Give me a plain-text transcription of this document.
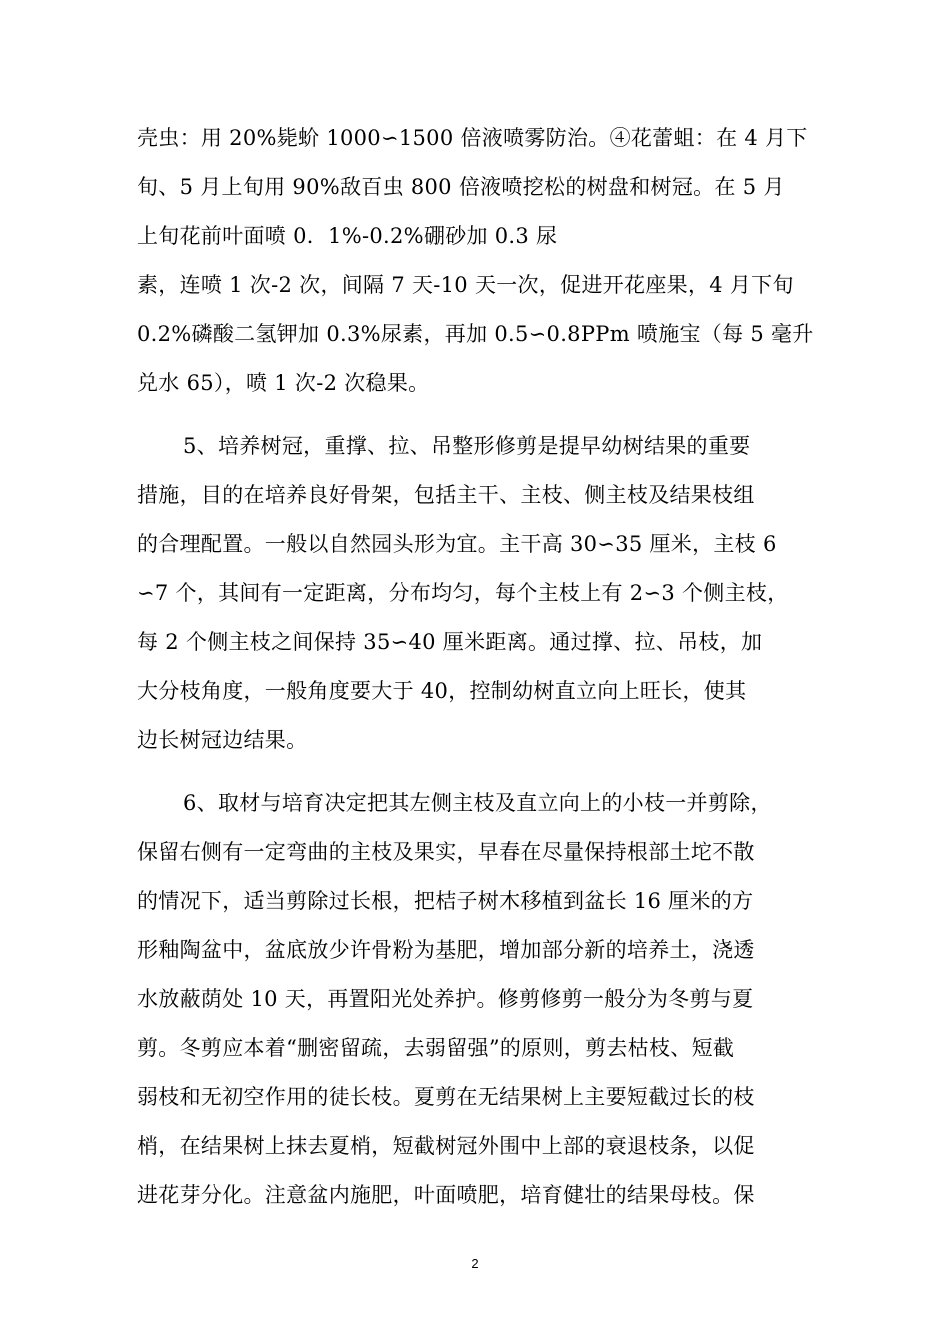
壳虫：用 20%毙蚧 1000∽1500 倍液喷雾防治。④花蕾蛆：在 4 月下
旬、5 月上旬用 90%敌百虫 800 倍液喷挖松的树盘和树冠。在 5 月
上旬花前叶面喷 0．1%-0.2%硼砂加 0.3 尿
素，连喷 1 次-2 次，间隔 7 天-10 天一次，促进开花座果，4 月下旬
0.2%磷酸二氢钾加 0.3%尿素，再加 0.5∽0.8PPm 喷施宝（每 5 毫升
兑水 65），喷 1 次-2 次稳果。
5、培养树冠，重撑、拉、吊整形修剪是提早幼树结果的重要
措施，目的在培养良好骨架，包括主干、主枝、侧主枝及结果枝组
的合理配置。一般以自然园头形为宜。主干高 30∽35 厘米，主枝 6
∽7 个，其间有一定距离，分布均匀，每个主枝上有 2∽3 个侧主枝，
每 2 个侧主枝之间保持 35∽40 厘米距离。通过撑、拉、吊枝，加
大分枝角度，一般角度要大于 40，控制幼树直立向上旺长，使其
边长树冠边结果。
6、取材与培育决定把其左侧主枝及直立向上的小枝一并剪除，
保留右侧有一定弯曲的主枝及果实，早春在尽量保持根部土坨不散
的情况下，适当剪除过长根，把桔子树木移植到盆长 16 厘米的方
形釉陶盆中，盆底放少许骨粉为基肥，增加部分新的培养土，浇透
水放蔽荫处 10 天，再置阳光处养护。修剪修剪一般分为冬剪与夏
剪。冬剪应本着“删密留疏，去弱留强”的原则，剪去枯枝、短截
弱枝和无初空作用的徒长枝。夏剪在无结果树上主要短截过长的枝
梢，在结果树上抹去夏梢，短截树冠外围中上部的衰退枝条，以促
进花芽分化。注意盆内施肥，叶面喷肥，培育健壮的结果母枝。保
2
